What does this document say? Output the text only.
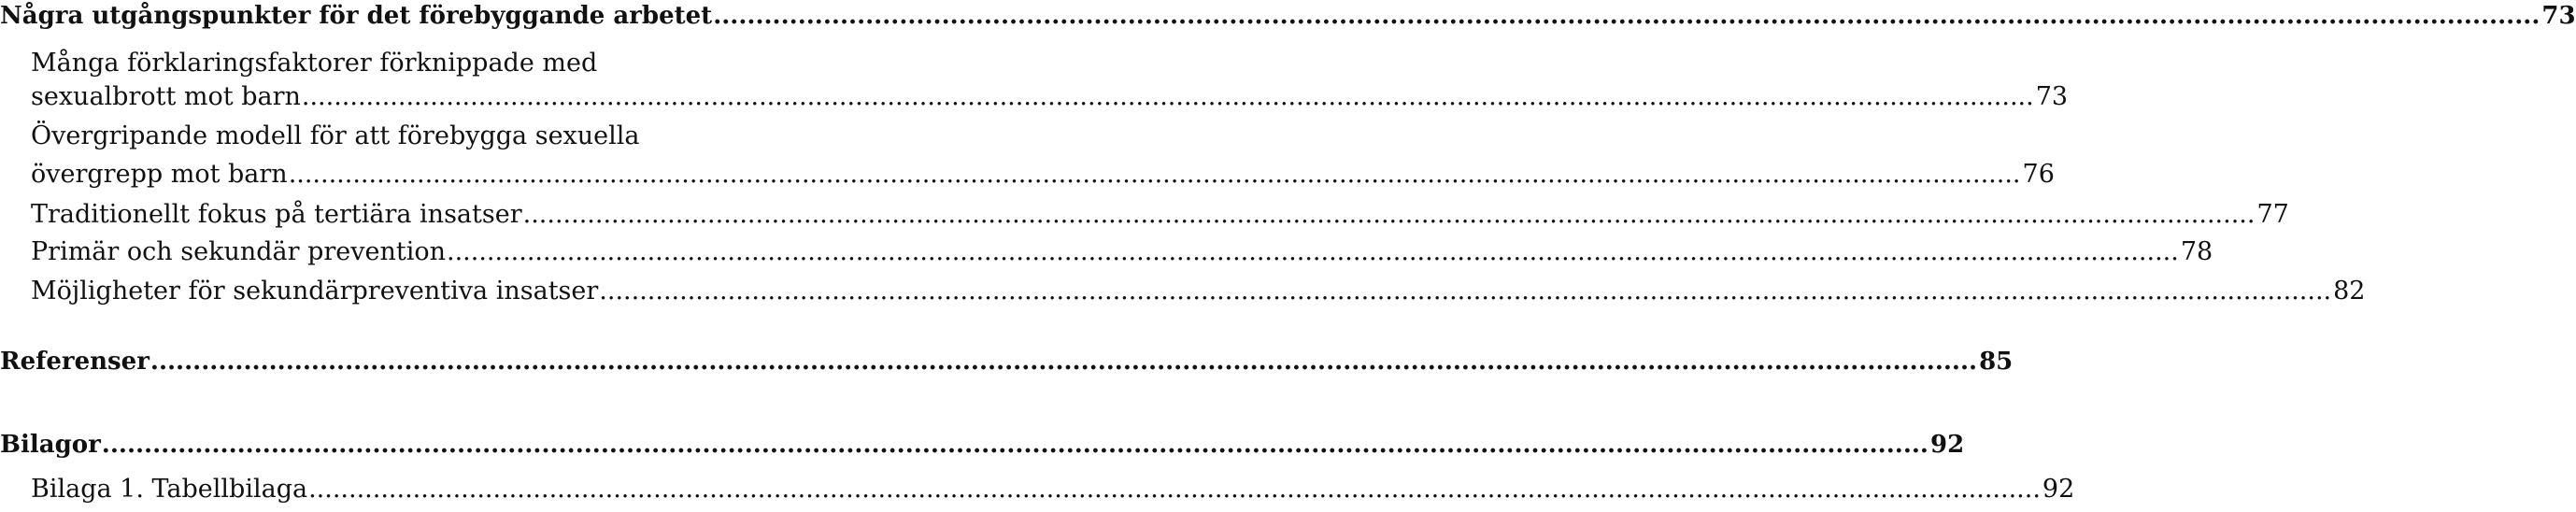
Några utgångspunkter för det förebyggande arbetet .....	73
Många förklaringsfaktorer förknippade med
sexualbrott mot barn .....	73
Övergripande modell för att förebygga sexuella
övergrepp mot barn .....	76
Traditionellt fokus på tertiära insatser .....	77
Primär och sekundär prevention .....	78
Möjligheter för sekundärpreventiva insatser .....	82
Referenser .....	85
Bilagor .....	92
Bilaga 1. Tabellbilaga .....	92
